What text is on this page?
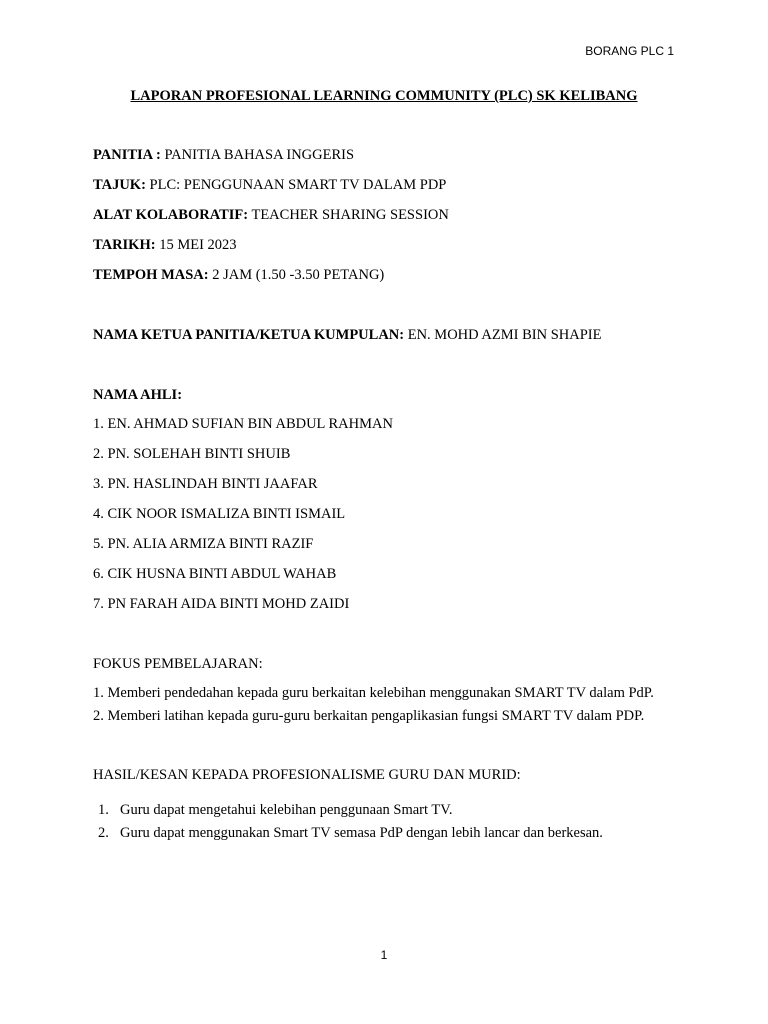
BORANG PLC 1
LAPORAN PROFESIONAL LEARNING COMMUNITY (PLC) SK KELIBANG
PANITIA : PANITIA BAHASA INGGERIS
TAJUK: PLC: PENGGUNAAN SMART TV DALAM PDP
ALAT KOLABORATIF: TEACHER SHARING SESSION
TARIKH: 15 MEI 2023
TEMPOH MASA: 2 JAM (1.50 -3.50 PETANG)
NAMA KETUA PANITIA/KETUA KUMPULAN: EN. MOHD AZMI BIN SHAPIE
NAMA AHLI:
1. EN. AHMAD SUFIAN BIN ABDUL RAHMAN
2. PN. SOLEHAH BINTI SHUIB
3. PN. HASLINDAH BINTI JAAFAR
4. CIK NOOR ISMALIZA BINTI ISMAIL
5. PN. ALIA ARMIZA BINTI RAZIF
6. CIK HUSNA BINTI ABDUL WAHAB
7. PN FARAH AIDA BINTI MOHD ZAIDI
FOKUS PEMBELAJARAN:
1. Memberi pendedahan kepada guru berkaitan kelebihan menggunakan SMART TV dalam PdP.
2. Memberi latihan kepada guru-guru berkaitan pengaplikasian fungsi SMART TV dalam PDP.
HASIL/KESAN KEPADA PROFESIONALISME GURU DAN MURID:
1. Guru dapat mengetahui kelebihan penggunaan Smart TV.
2. Guru dapat menggunakan Smart TV semasa PdP dengan lebih lancar dan berkesan.
1
